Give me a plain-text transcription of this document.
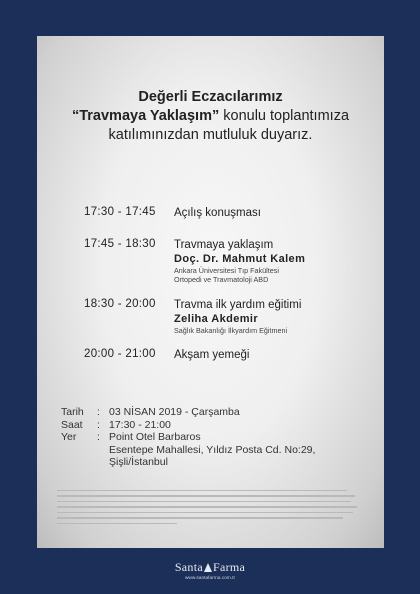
Değerli Eczacılarımız
“Travmaya Yaklaşım” konulu toplantımıza
katılımınızdan mutluluk duyarız.
17:30 - 17:45 Açılış konuşması
17:45 - 18:30 Travmaya yaklaşım
Doç. Dr. Mahmut Kalem
Ankara Üniversitesi Tıp Fakültesi
Ortopedi ve Travmatoloji ABD
18:30 - 20:00 Travma ilk yardım eğitimi
Zeliha Akdemir
Sağlık Bakanlığı İlkyardım Eğitmeni
20:00 - 21:00 Akşam yemeği
Tarih : 03 NİSAN 2019 - Çarşamba
Saat : 17:30 - 21:00
Yer : Point Otel Barbaros
Esentepe Mahallesi, Yıldız Posta Cd. No:29,
Şişli/İstanbul

Santa Farma
www.santafarma.com.tr
